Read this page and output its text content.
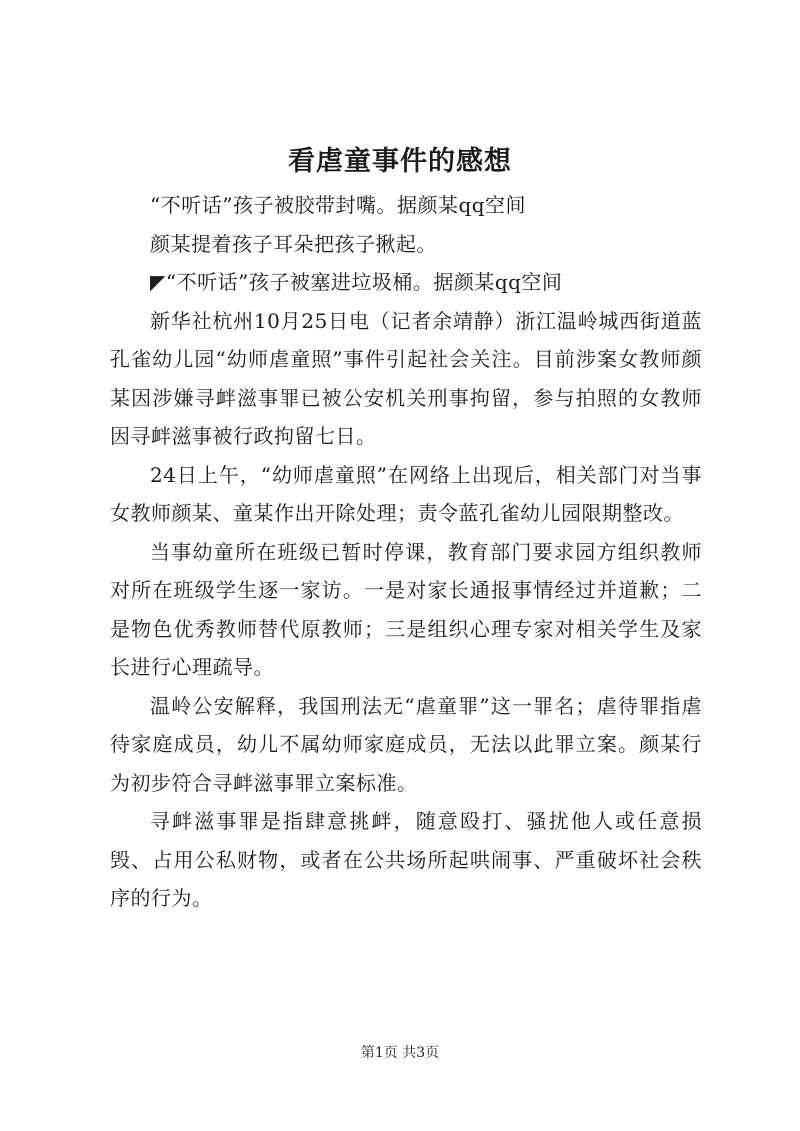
看虐童事件的感想

“不听话”孩子被胶带封嘴。据颜某qq空间

颜某提着孩子耳朵把孩子揪起。

◤“不听话”孩子被塞进垃圾桶。据颜某qq空间

新华社杭州10月25日电（记者余靖静）浙江温岭城西街道蓝孔雀幼儿园“幼师虐童照”事件引起社会关注。目前涉案女教师颜某因涉嫌寻衅滋事罪已被公安机关刑事拘留，参与拍照的女教师因寻衅滋事被行政拘留七日。

24日上午，“幼师虐童照”在网络上出现后，相关部门对当事女教师颜某、童某作出开除处理；责令蓝孔雀幼儿园限期整改。

当事幼童所在班级已暂时停课，教育部门要求园方组织教师对所在班级学生逐一家访。一是对家长通报事情经过并道歉；二是物色优秀教师替代原教师；三是组织心理专家对相关学生及家长进行心理疏导。

温岭公安解释，我国刑法无“虐童罪”这一罪名；虐待罪指虐待家庭成员，幼儿不属幼师家庭成员，无法以此罪立案。颜某行为初步符合寻衅滋事罪立案标准。

寻衅滋事罪是指肆意挑衅，随意殴打、骚扰他人或任意损毁、占用公私财物，或者在公共场所起哄闹事、严重破坏社会秩序的行为。

第1页 共3页
